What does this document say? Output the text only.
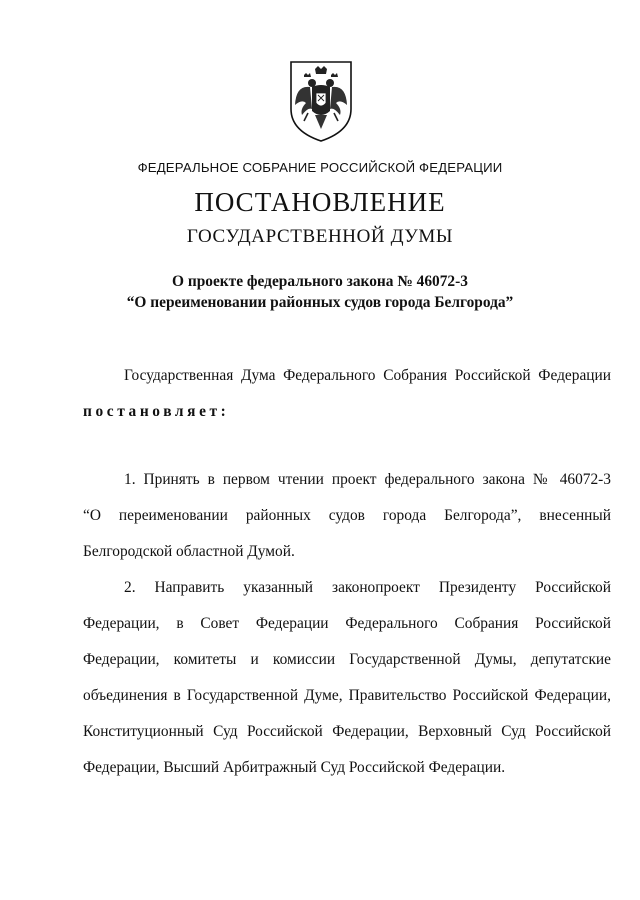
ФЕДЕРАЛЬНОЕ СОБРАНИЕ РОССИЙСКОЙ ФЕДЕРАЦИИ
ПОСТАНОВЛЕНИЕ
ГОСУДАРСТВЕННОЙ ДУМЫ
О проекте федерального закона № 46072-3
“О переименовании районных судов города Белгорода”
Государственная Дума Федерального Собрания Российской Федерации
постановляет:
1. Принять в первом чтении проект федерального закона № 46072-3
“О переименовании районных судов города Белгорода”, внесенный
Белгородской областной Думой.
2. Направить указанный законопроект Президенту Российской
Федерации, в Совет Федерации Федерального Собрания Российской
Федерации, комитеты и комиссии Государственной Думы, депутатские
объединения в Государственной Думе, Правительство Российской Федерации,
Конституционный Суд Российской Федерации, Верховный Суд Российской
Федерации, Высший Арбитражный Суд Российской Федерации.
